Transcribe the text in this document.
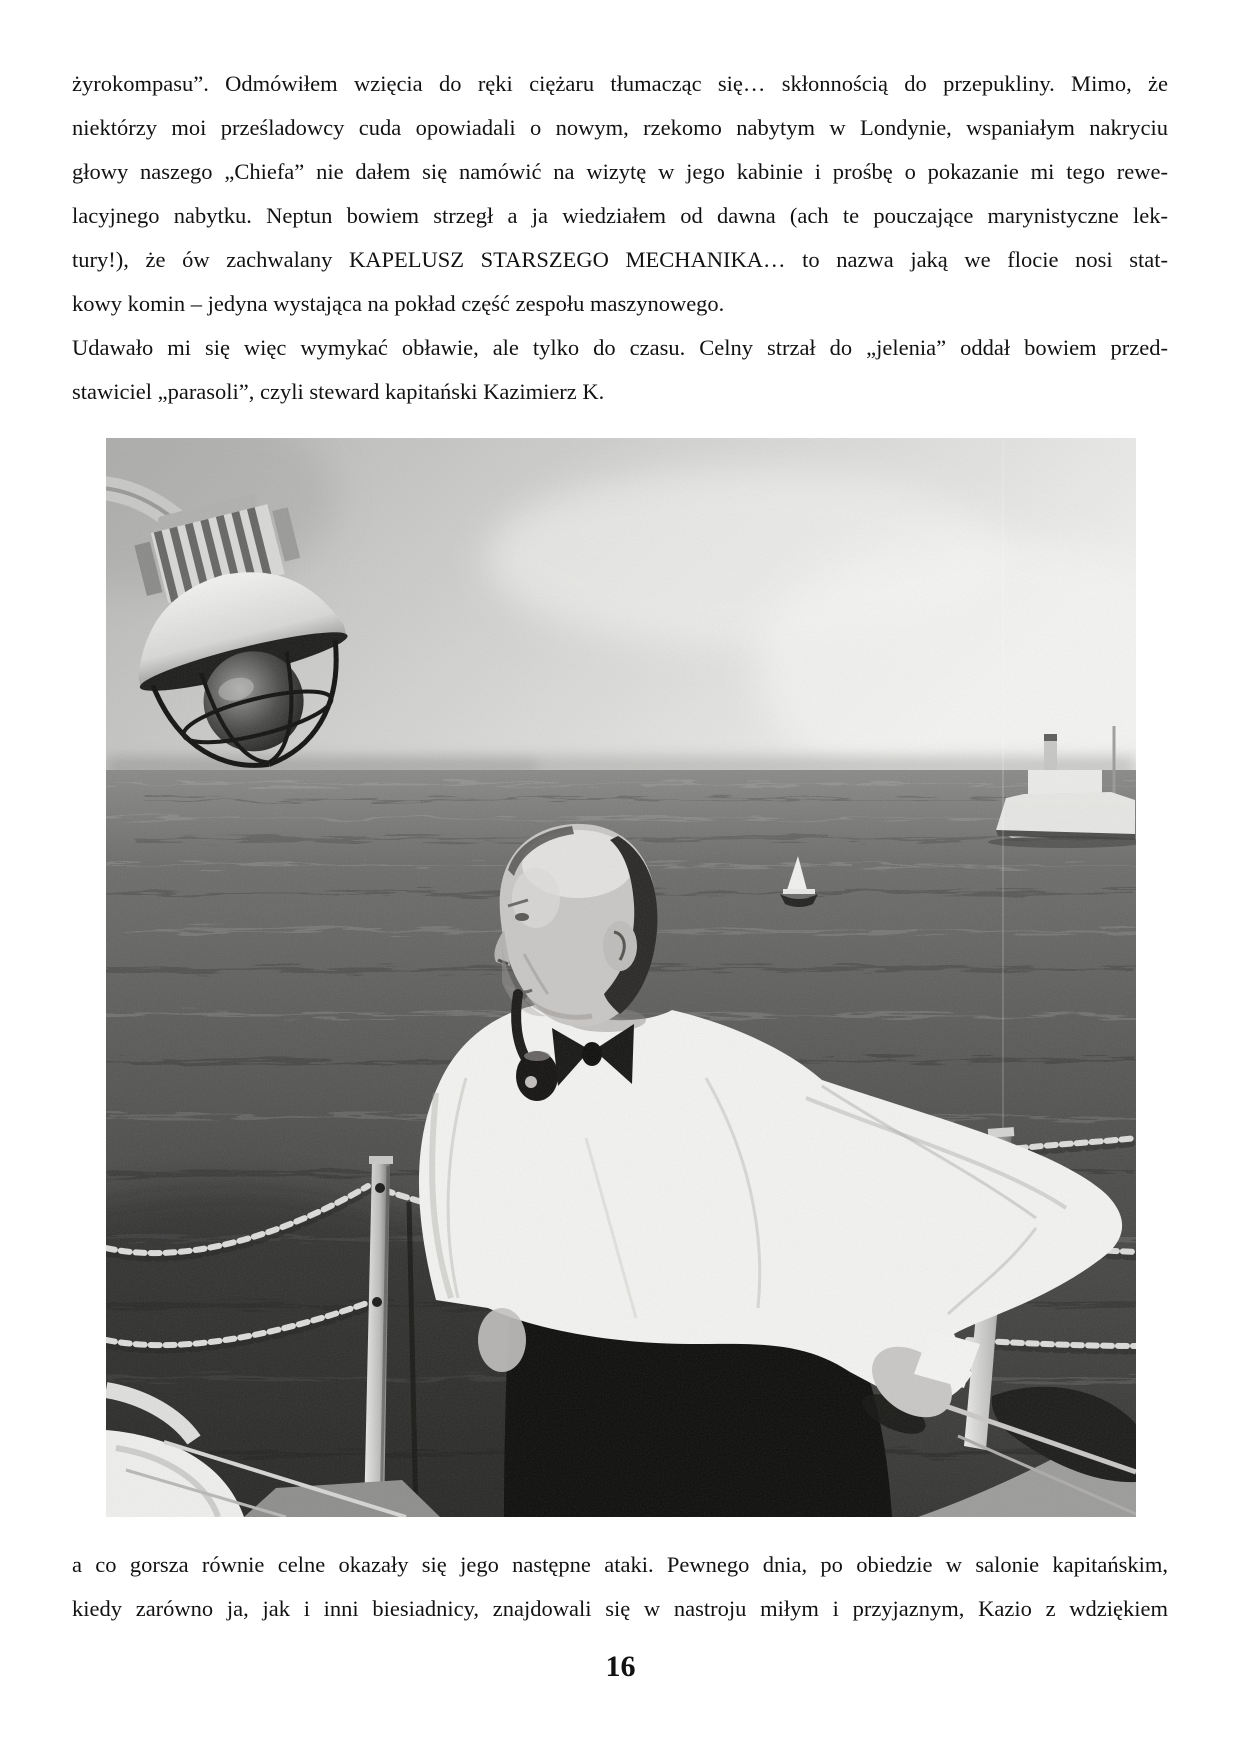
żyrokompasu”. Odmówiłem wzięcia do ręki ciężaru tłumacząc się… skłonnością do przepukliny. Mimo, że
niektórzy moi prześladowcy cuda opowiadali o nowym, rzekomo nabytym w Londynie, wspaniałym nakryciu
głowy naszego „Chiefa” nie dałem się namówić na wizytę w jego kabinie i prośbę o pokazanie mi tego rewe-
lacyjnego nabytku. Neptun bowiem strzegł a ja wiedziałem od dawna (ach te pouczające marynistyczne lek-
tury!), że ów zachwalany KAPELUSZ STARSZEGO MECHANIKA… to nazwa jaką we flocie nosi stat-
kowy komin – jedyna wystająca na pokład część zespołu maszynowego.
Udawało mi się więc wymykać obławie, ale tylko do czasu. Celny strzał do „jelenia” oddał bowiem przed-
stawiciel „parasoli”, czyli steward kapitański Kazimierz K.
a co gorsza równie celne okazały się jego następne ataki. Pewnego dnia, po obiedzie w salonie kapitańskim,
kiedy zarówno ja, jak i inni biesiadnicy, znajdowali się w nastroju miłym i przyjaznym, Kazio z wdziękiem
16
